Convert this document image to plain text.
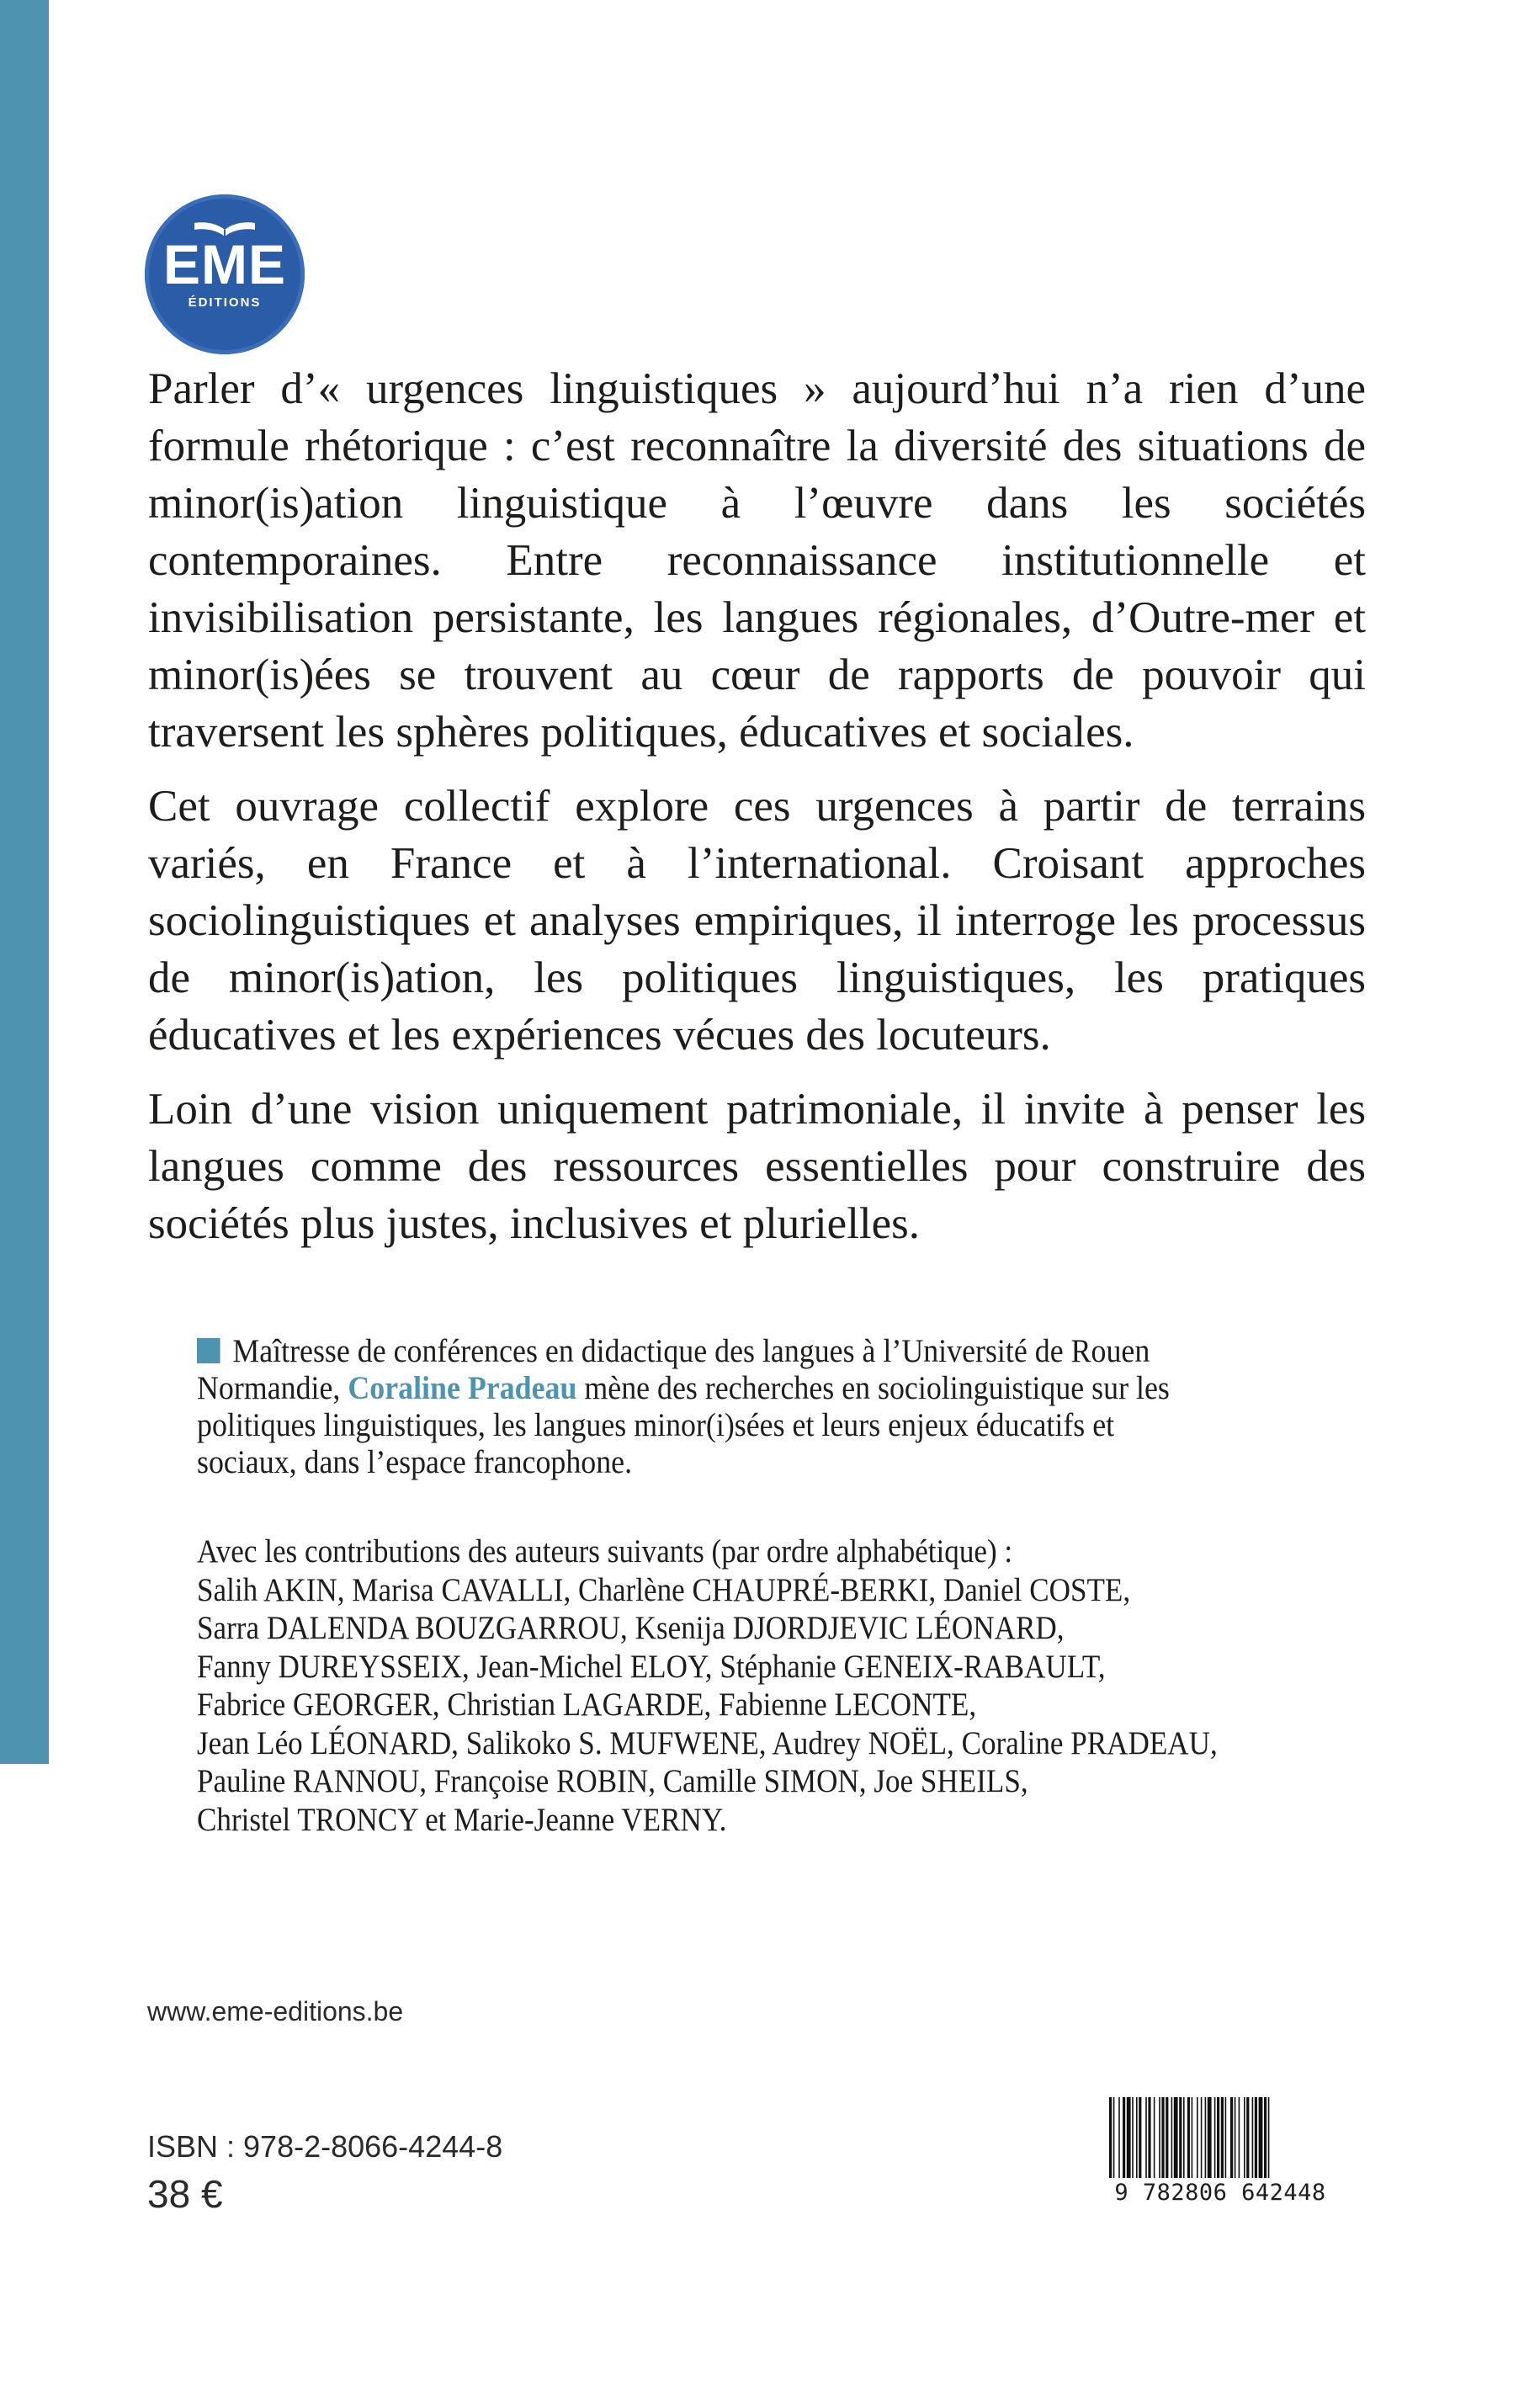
EME
ÉDITIONS

Parler d’« urgences linguistiques » aujourd’hui n’a rien d’une formule rhétorique : c’est reconnaître la diversité des situations de minor(is)ation linguistique à l’œuvre dans les sociétés contemporaines. Entre reconnaissance institutionnelle et invisibilisation persistante, les langues régionales, d’Outre-mer et minor(is)ées se trouvent au cœur de rapports de pouvoir qui traversent les sphères politiques, éducatives et sociales.

Cet ouvrage collectif explore ces urgences à partir de terrains variés, en France et à l’international. Croisant approches sociolinguistiques et analyses empiriques, il interroge les processus de minor(is)ation, les politiques linguistiques, les pratiques éducatives et les expériences vécues des locuteurs.

Loin d’une vision uniquement patrimoniale, il invite à penser les langues comme des ressources essentielles pour construire des sociétés plus justes, inclusives et plurielles.

Maîtresse de conférences en didactique des langues à l’Université de Rouen Normandie, Coraline Pradeau mène des recherches en sociolinguistique sur les politiques linguistiques, les langues minor(i)sées et leurs enjeux éducatifs et sociaux, dans l’espace francophone.
Avec les contributions des auteurs suivants (par ordre alphabétique) :
Salih AKIN, Marisa CAVALLI, Charlène CHAUPRÉ-BERKI, Daniel COSTE,
Sarra DALENDA BOUZGARROU, Ksenija DJORDJEVIC LÉONARD,
Fanny DUREYSSEIX, Jean-Michel ELOY, Stéphanie GENEIX-RABAULT,
Fabrice GEORGER, Christian LAGARDE, Fabienne LECONTE,
Jean Léo LÉONARD, Salikoko S. MUFWENE, Audrey NOËL, Coraline PRADEAU,
Pauline RANNOU, Françoise ROBIN, Camille SIMON, Joe SHEILS,
Christel TRONCY et Marie-Jeanne VERNY.
www.eme-editions.be
ISBN : 978-2-8066-4244-8
38 €	9 782806 642448
